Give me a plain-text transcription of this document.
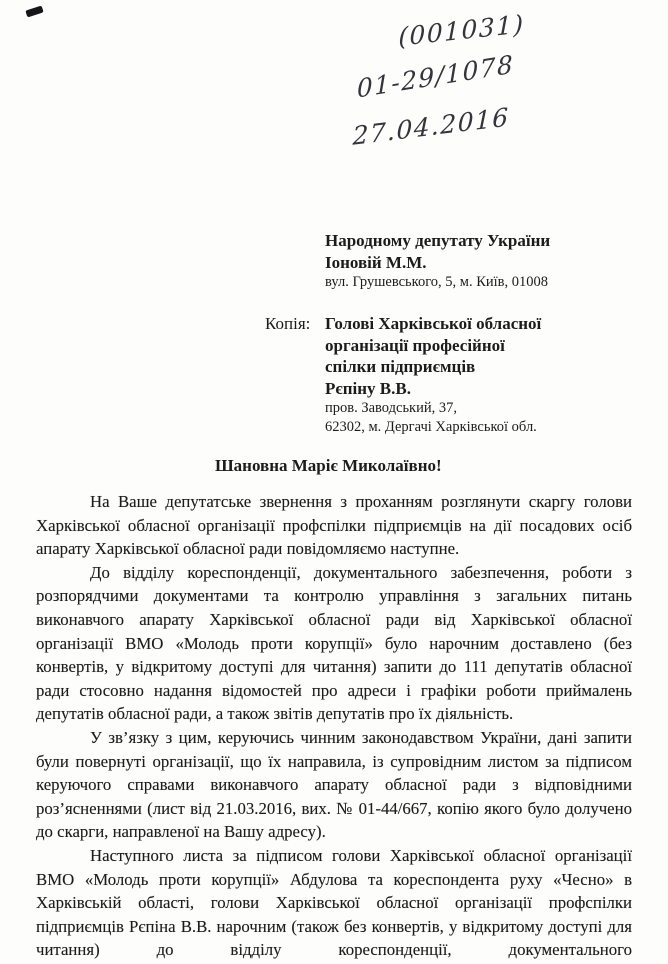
(001031)
01-29/1078
27.04.2016
Народному депутату України
Іоновій М.М.
вул. Грушевського, 5, м. Київ, 01008
Копія: Голові Харківської обласної
організації професійної
спілки підприємців
Рєпіну В.В.
пров. Заводський, 37,
62302, м. Дергачі Харківської обл.
Шановна Маріє Миколаївно!

На Ваше депутатське звернення з проханням розглянути скаргу голови Харківської обласної організації профспілки підприємців на дії посадових осіб апарату Харківської обласної ради повідомляємо наступне.

До відділу кореспонденції, документального забезпечення, роботи з розпорядчими документами та контролю управління з загальних питань виконавчого апарату Харківської обласної ради від Харківської обласної організації ВМО «Молодь проти корупції» було нарочним доставлено (без конвертів, у відкритому доступі для читання) запити до 111 депутатів обласної ради стосовно надання відомостей про адреси і графіки роботи приймалень депутатів обласної ради, а також звітів депутатів про їх діяльність.

У зв’язку з цим, керуючись чинним законодавством України, дані запити були повернуті організації, що їх направила, із супровідним листом за підписом керуючого справами виконавчого апарату обласної ради з відповідними роз’ясненнями (лист від 21.03.2016, вих. № 01-44/667, копію якого було долучено до скарги, направленої на Вашу адресу).

Наступного листа за підписом голови Харківської обласної організації ВМО «Молодь проти корупції» Абдулова та кореспондента руху «Чесно» в Харківській області, голови Харківської обласної організації профспілки підприємців Рєпіна В.В. нарочним (також без конвертів, у відкритому доступі для читання) до відділу кореспонденції, документального
